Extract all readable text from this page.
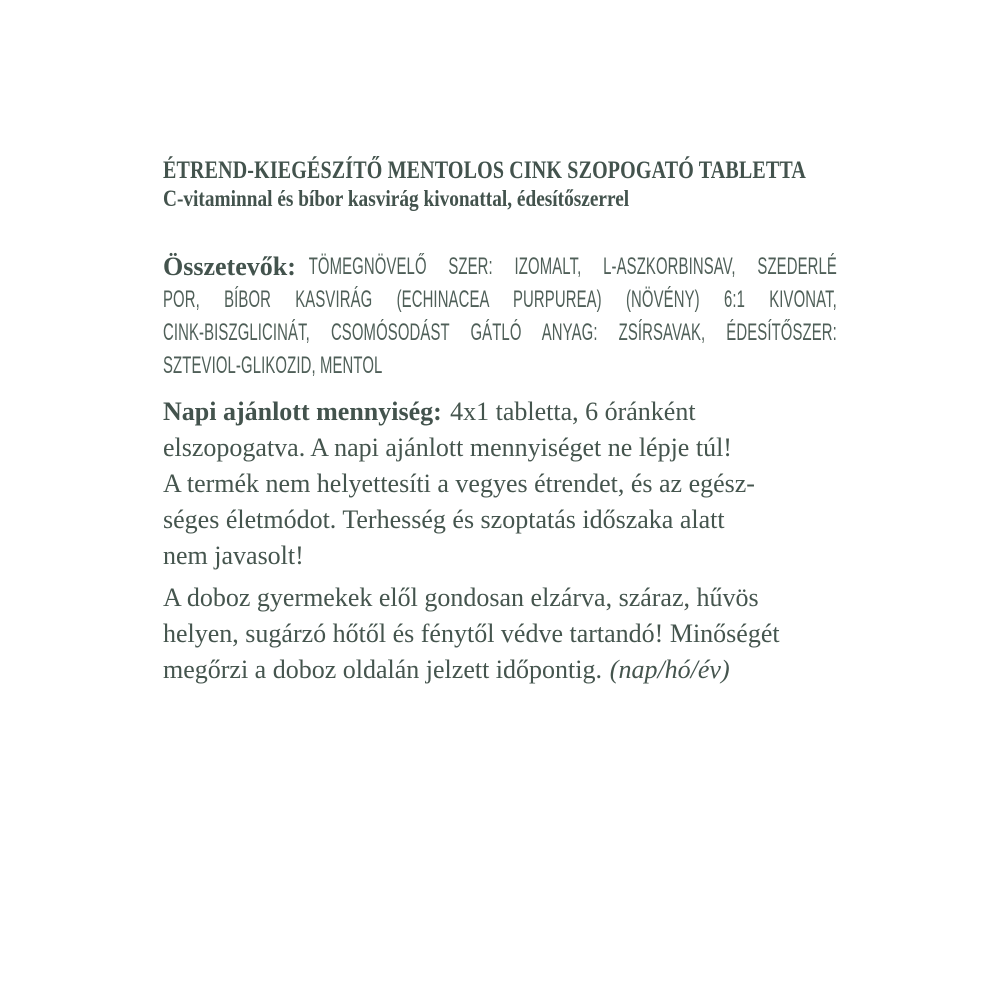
ÉTREND-KIEGÉSZÍTŐ MENTOLOS CINK SZOPOGATÓ TABLETTA
C-vitaminnal és bíbor kasvirág kivonattal, édesítőszerrel
Összetevők: TÖMEGNÖVELŐ SZER: IZOMALT, L-ASZKORBINSAV, SZEDERLÉ
POR, BÍBOR KASVIRÁG (ECHINACEA PURPUREA) (NÖVÉNY) 6:1 KIVONAT,
CINK-BISZGLICINÁT, CSOMÓSODÁST GÁTLÓ ANYAG: ZSÍRSAVAK, ÉDESÍTŐSZER:
SZTEVIOL-GLIKOZID, MENTOL
Napi ajánlott mennyiség: 4x1 tabletta, 6 óránként
elszopogatva. A napi ajánlott mennyiséget ne lépje túl!
A termék nem helyettesíti a vegyes étrendet, és az egész-
séges életmódot. Terhesség és szoptatás időszaka alatt
nem javasolt!
A doboz gyermekek elől gondosan elzárva, száraz, hűvös
helyen, sugárzó hőtől és fénytől védve tartandó! Minőségét
megőrzi a doboz oldalán jelzett időpontig. (nap/hó/év)
